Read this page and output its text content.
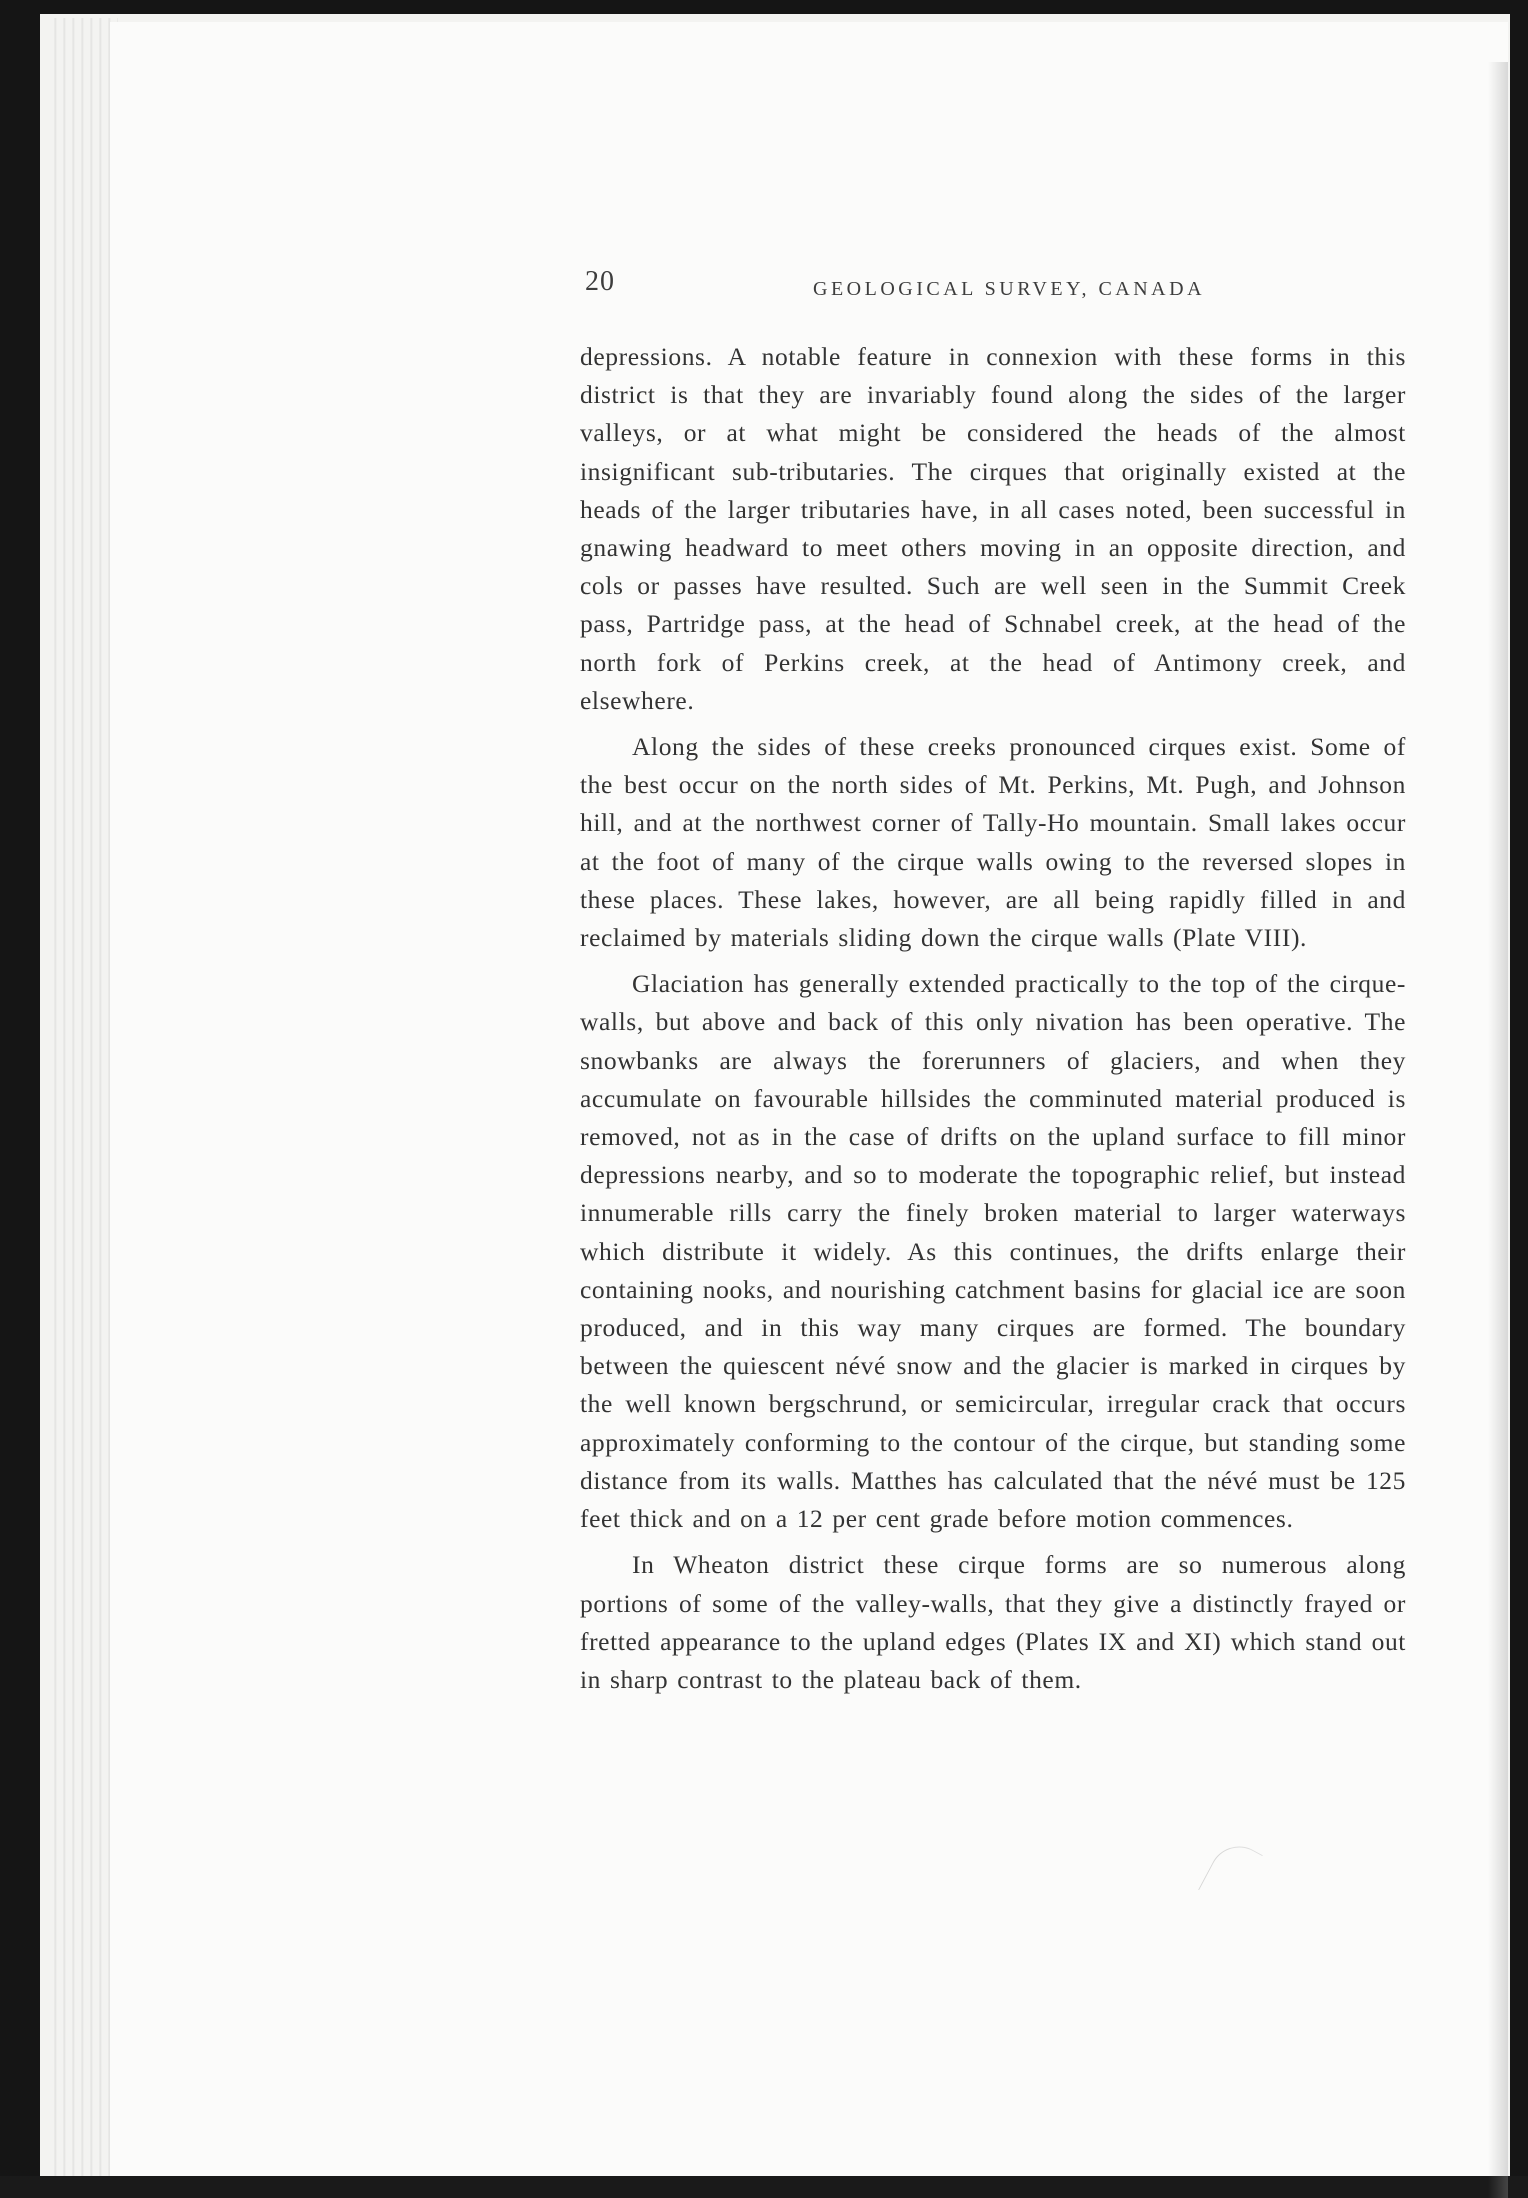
20	GEOLOGICAL SURVEY, CANADA

depressions. A notable feature in connexion with these forms in this district is that they are invariably found along the sides of the larger valleys, or at what might be considered the heads of the almost insignificant sub-tributaries. The cirques that originally existed at the heads of the larger tributaries have, in all cases noted, been successful in gnawing headward to meet others moving in an opposite direction, and cols or passes have resulted. Such are well seen in the Summit Creek pass, Partridge pass, at the head of Schnabel creek, at the head of the north fork of Perkins creek, at the head of Antimony creek, and elsewhere.

Along the sides of these creeks pronounced cirques exist. Some of the best occur on the north sides of Mt. Perkins, Mt. Pugh, and Johnson hill, and at the northwest corner of Tally-Ho mountain. Small lakes occur at the foot of many of the cirque walls owing to the reversed slopes in these places. These lakes, however, are all being rapidly filled in and reclaimed by materials sliding down the cirque walls (Plate VIII).

Glaciation has generally extended practically to the top of the cirque-walls, but above and back of this only nivation has been operative. The snowbanks are always the forerunners of glaciers, and when they accumulate on favourable hillsides the comminuted material produced is removed, not as in the case of drifts on the upland surface to fill minor depressions nearby, and so to moderate the topographic relief, but instead innumerable rills carry the finely broken material to larger waterways which distribute it widely. As this continues, the drifts enlarge their containing nooks, and nourishing catchment basins for glacial ice are soon produced, and in this way many cirques are formed. The boundary between the quiescent névé snow and the glacier is marked in cirques by the well known bergschrund, or semicircular, irregular crack that occurs approximately conforming to the contour of the cirque, but standing some distance from its walls. Matthes has calculated that the névé must be 125 feet thick and on a 12 per cent grade before motion commences.

In Wheaton district these cirque forms are so numerous along portions of some of the valley-walls, that they give a distinctly frayed or fretted appearance to the upland edges (Plates IX and XI) which stand out in sharp contrast to the plateau back of them.
